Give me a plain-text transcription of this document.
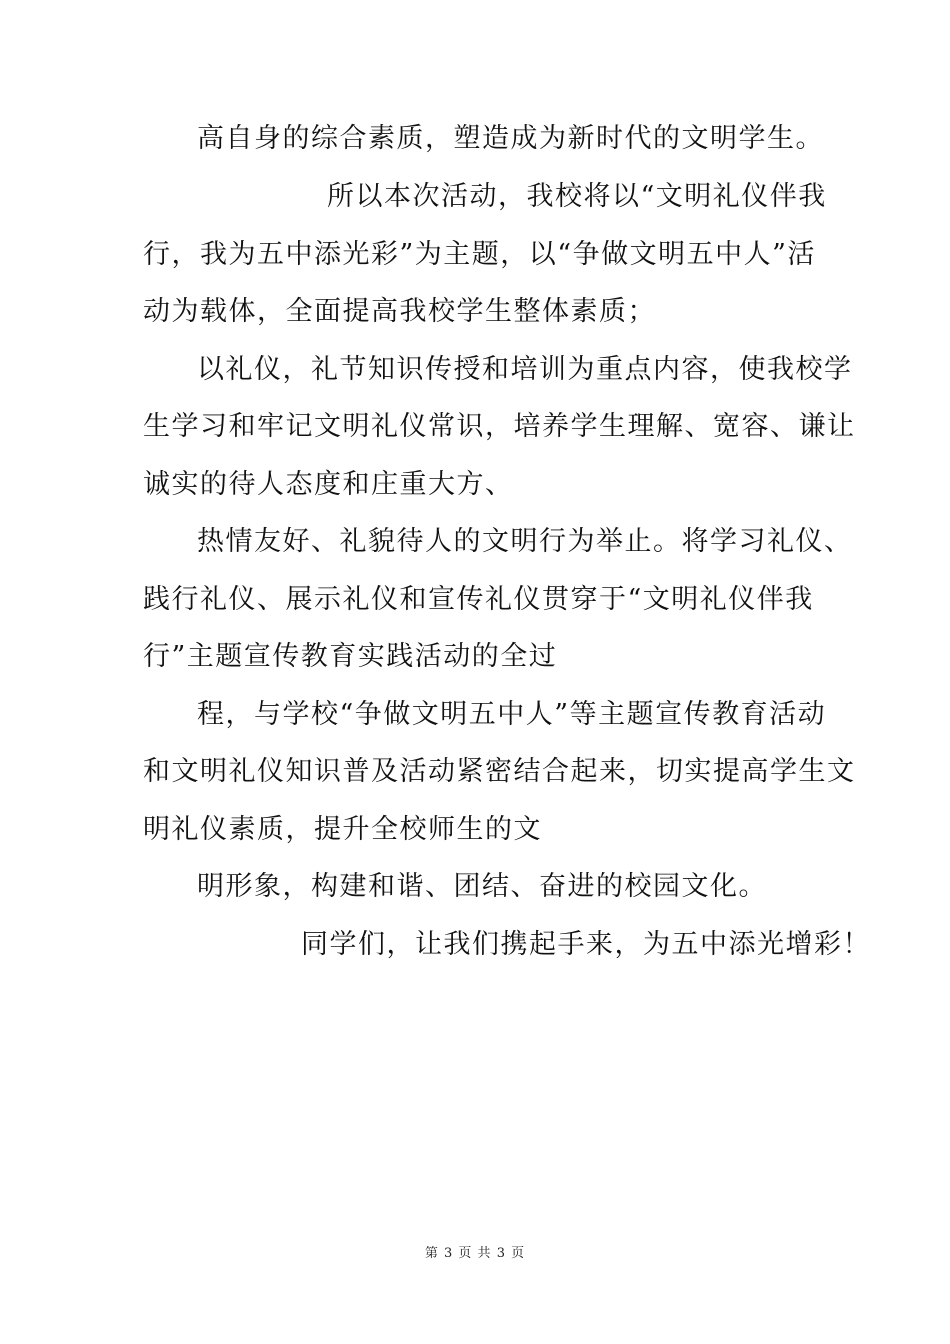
高自身的综合素质，塑造成为新时代的文明学生。
所以本次活动，我校将以“文明礼仪伴我
行，我为五中添光彩”为主题，以“争做文明五中人”活
动为载体，全面提高我校学生整体素质；
以礼仪，礼节知识传授和培训为重点内容，使我校学
生学习和牢记文明礼仪常识，培养学生理解、宽容、谦让
诚实的待人态度和庄重大方、
热情友好、礼貌待人的文明行为举止。将学习礼仪、
践行礼仪、展示礼仪和宣传礼仪贯穿于“文明礼仪伴我
行”主题宣传教育实践活动的全过
程，与学校“争做文明五中人”等主题宣传教育活动
和文明礼仪知识普及活动紧密结合起来，切实提高学生文
明礼仪素质，提升全校师生的文
明形象，构建和谐、团结、奋进的校园文化。
同学们，让我们携起手来，为五中添光增彩！
第 3 页 共 3 页
